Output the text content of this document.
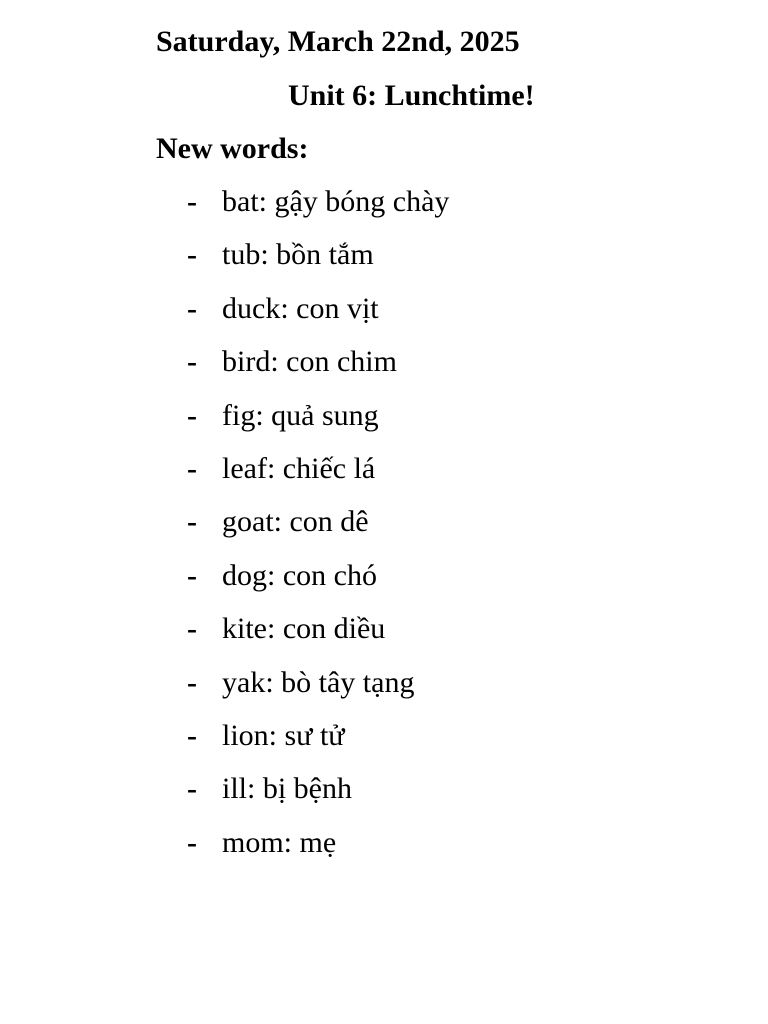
Saturday, March 22nd, 2025
Unit 6: Lunchtime!
New words:
- bat: gậy bóng chày
- tub: bồn tắm
- duck: con vịt
- bird: con chim
- fig: quả sung
- leaf: chiếc lá
- goat: con dê
- dog: con chó
- kite: con diều
- yak: bò tây tạng
- lion: sư tử
- ill: bị bệnh
- mom: mẹ
